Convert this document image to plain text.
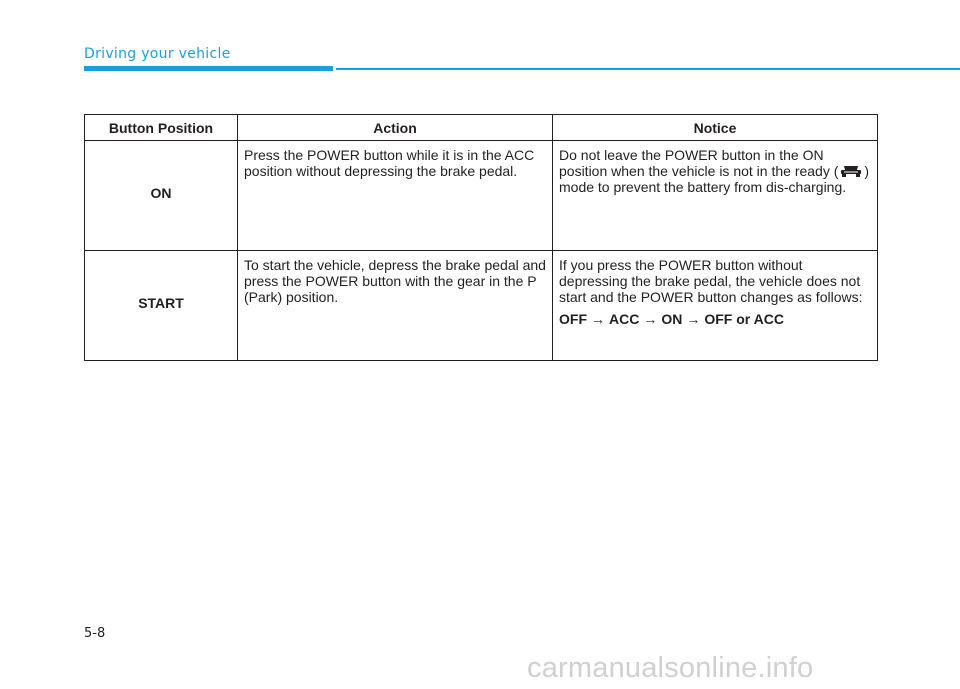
Driving your vehicle
Button Position	Action	Notice
ON	Press the POWER button while it is in the ACC position without depressing the brake pedal.	Do not leave the POWER button in the ON position when the vehicle is not in the ready ( ) mode to prevent the battery from dis-charging.
START	To start the vehicle, depress the brake pedal and press the POWER button with the gear in the P (Park) position.	If you press the POWER button without depressing the brake pedal, the vehicle does not start and the POWER button changes as follows:
OFF → ACC → ON → OFF or ACC
5-8
carmanualsonline.info
